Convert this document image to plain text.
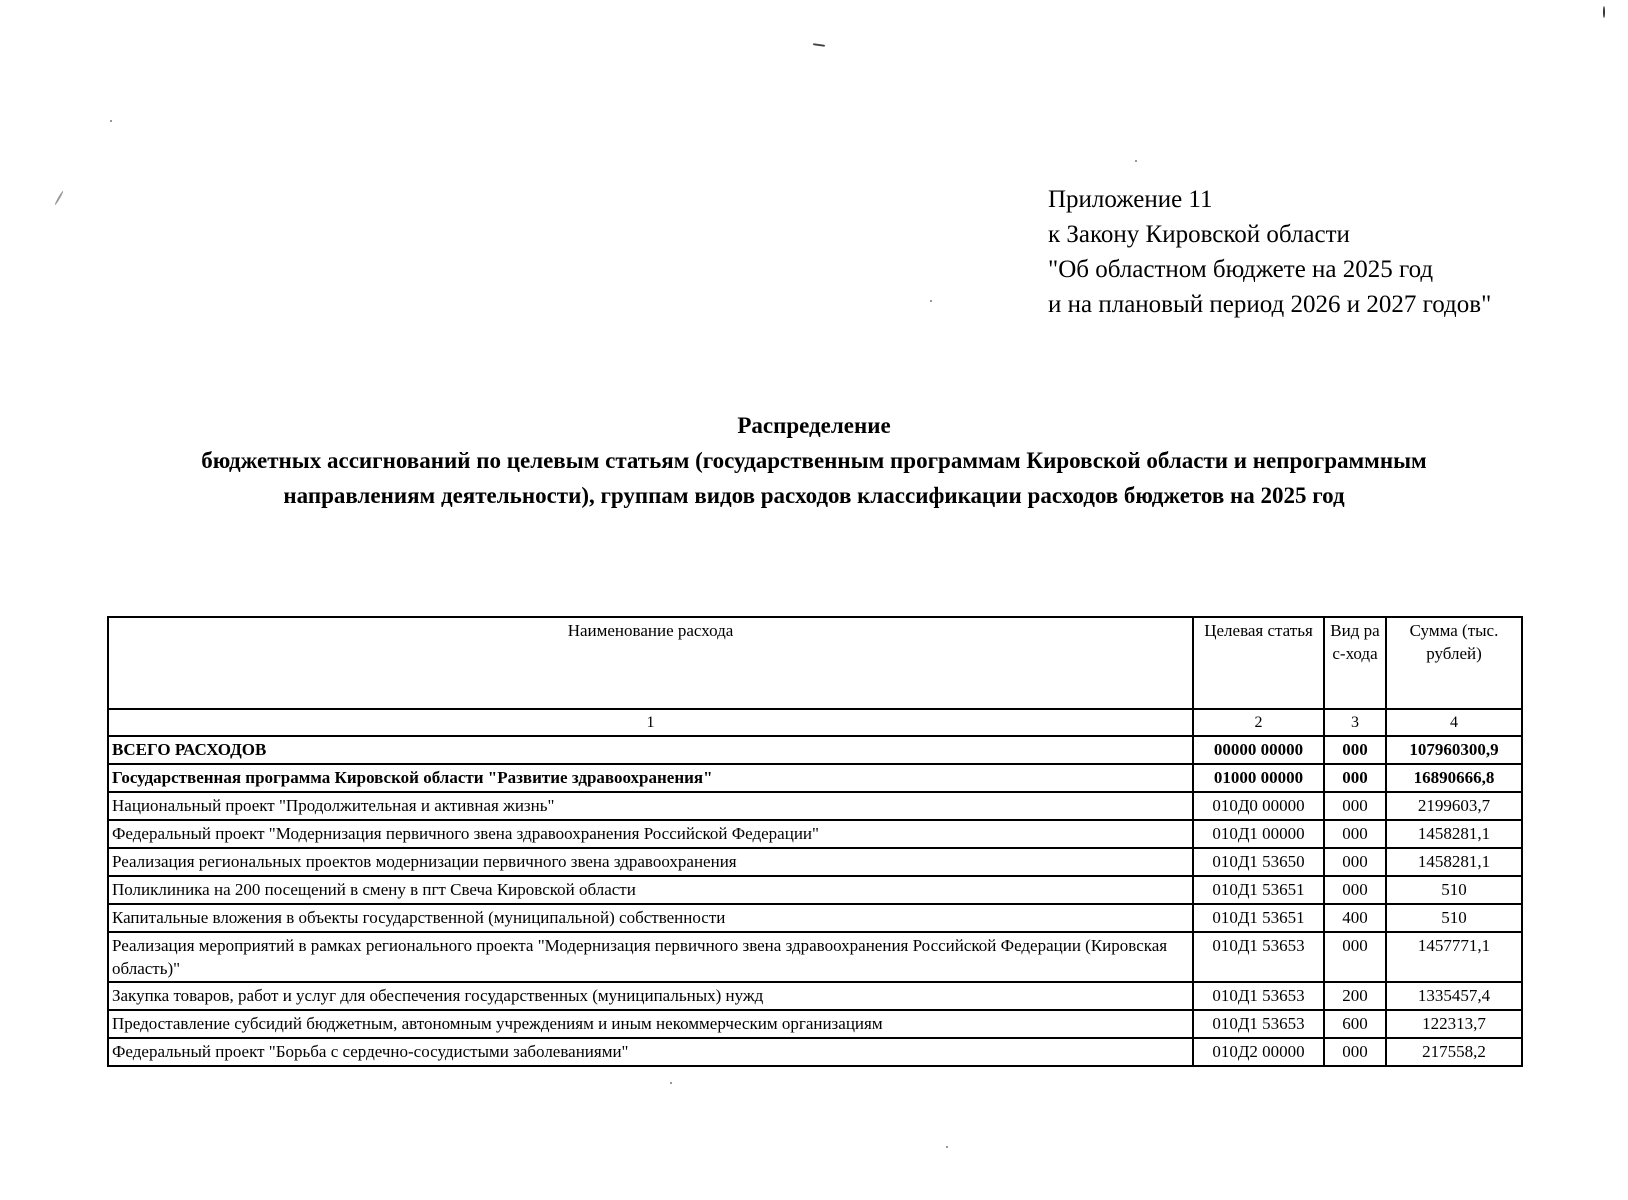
Приложение 11
к Закону Кировской области
"Об областном бюджете на 2025 год
и на плановый период 2026 и 2027 годов"
Распределение
бюджетных ассигнований по целевым статьям (государственным программам Кировской области и непрограммным
направлениям деятельности), группам видов расходов классификации расходов бюджетов на 2025 год
Наименование расхода	Целевая статья	Вид рас-хода	Сумма (тыс. рублей)
1	2	3	4
ВСЕГО РАСХОДОВ	00000 00000	000	107960300,9
Государственная программа Кировской области "Развитие здравоохранения"	01000 00000	000	16890666,8
Национальный проект "Продолжительная и активная жизнь"	010Д0 00000	000	2199603,7
Федеральный проект "Модернизация первичного звена здравоохранения Российской Федерации"	010Д1 00000	000	1458281,1
Реализация региональных проектов модернизации первичного звена здравоохранения	010Д1 53650	000	1458281,1
Поликлиника на 200 посещений в смену в пгт Свеча Кировской области	010Д1 53651	000	510
Капитальные вложения в объекты государственной (муниципальной) собственности	010Д1 53651	400	510
Реализация мероприятий в рамках регионального проекта "Модернизация первичного звена здравоохранения Российской Федерации (Кировская область)"	010Д1 53653	000	1457771,1
Закупка товаров, работ и услуг для обеспечения государственных (муниципальных) нужд	010Д1 53653	200	1335457,4
Предоставление субсидий бюджетным, автономным учреждениям и иным некоммерческим организациям	010Д1 53653	600	122313,7
Федеральный проект "Борьба с сердечно-сосудистыми заболеваниями"	010Д2 00000	000	217558,2
